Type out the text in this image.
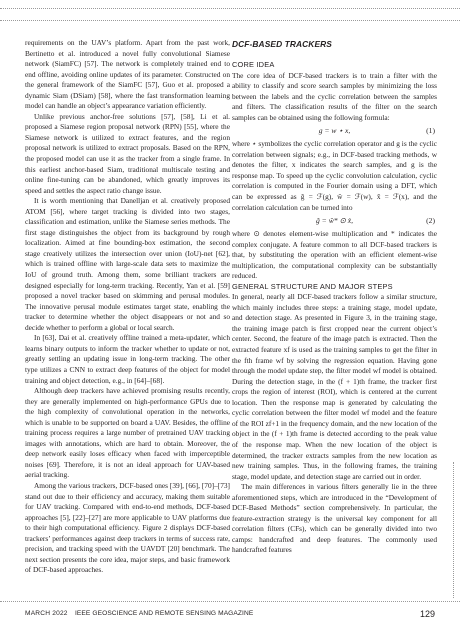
requirements on the UAV’s platform. Apart from the past work, Bertinetto et al. introduced a novel fully convolutional Siamese network (SiamFC) [57]. The network is completely trained end to end offline, avoiding online updates of its parameter. Constructed on the general framework of the SiamFC [57], Guo et al. proposed a dynamic Siam (DSiam) [58], where the fast transformation learning model can handle an object’s appearance variation efficiently.

Unlike previous anchor-free solutions [57], [58], Li et al. proposed a Siamese region proposal network (RPN) [55], where the Siamese network is utilized to extract features, and the region proposal network is utilized to extract proposals. Based on the RPN, the proposed model can use it as the tracker from a single frame. In this earliest anchor-based Siam, traditional multiscale testing and online fine-tuning can be abandoned, which greatly improves its speed and settles the aspect ratio change issue.

It is worth mentioning that Danelljan et al. creatively proposed ATOM [56], where target tracking is divided into two stages, classification and estimation, unlike the Siamese series methods. The first stage distinguishes the object from its background by rough localization. Aimed at fine bounding-box estimation, the second stage creatively utilizes the intersection over union (IoU)-net [62], which is trained offline with large-scale data sets to maximize the IoU of ground truth. Among them, some brilliant trackers are designed especially for long-term tracking. Recently, Yan et al. [59] proposed a novel tracker based on skimming and perusal modules. The innovative perusal module estimates target state, enabling the tracker to determine whether the object disappears or not and so decide whether to perform a global or local search.

In [63], Dai et al. creatively offline trained a meta-updater, which learns binary outputs to inform the tracker whether to update or not, greatly settling an updating issue in long-term tracking. The other type utilizes a CNN to extract deep features of the object for model training and object detection, e.g., in [64]–[68].

Although deep trackers have achieved promising results recently, they are generally implemented on high-performance GPUs due to the high complexity of convolutional operation in the networks, which is unable to be supported on board a UAV. Besides, the offline training process requires a large number of pretrained UAV tracking images with annotations, which are hard to obtain. Moreover, the deep network easily loses efficacy when faced with imperceptible noises [69]. Therefore, it is not an ideal approach for UAV-based aerial tracking.

Among the various trackers, DCF-based ones [39], [66], [70]–[73] stand out due to their efficiency and accuracy, making them suitable for UAV tracking. Compared with end-to-end methods, DCF-based approaches [5], [22]–[27] are more applicable to UAV platforms due to their high computational efficiency. Figure 2 displays DCF-based trackers’ performances against deep trackers in terms of success rate, precision, and tracking speed with the UAVDT [20] benchmark. The next section presents the core idea, major steps, and basic framework of DCF-based approaches.

DCF-BASED TRACKERS
CORE IDEA

The core idea of DCF-based trackers is to train a filter with the ability to classify and score search samples by minimizing the loss between the labels and the cyclic correlation between the samples and filters. The classification results of the filter on the search samples can be obtained using the following formula:

g = w ⋆ x,	(1)

where ⋆ symbolizes the cyclic correlation operator and g is the cyclic correlation between signals; e.g., in DCF-based tracking methods, w denotes the filter, x indicates the search samples, and g is the response map. To speed up the cyclic convolution calculation, cyclic correlation is computed in the Fourier domain using a DFT, which can be expressed as ĝ = ℱ(g), ŵ = ℱ(w), x̂ = ℱ(x), and the correlation calculation can be turned into

ĝ = ŵ* ⊙ x̂,	(2)

where ⊙ denotes element-wise multiplication and * indicates the complex conjugate. A feature common to all DCF-based trackers is that, by substituting the operation with an efficient element-wise multiplication, the computational complexity can be substantially reduced.

GENERAL STRUCTURE AND MAJOR STEPS

In general, nearly all DCF-based trackers follow a similar structure, which mainly includes three steps: a training stage, model update, and detection stage. As presented in Figure 3, in the training stage, the training image patch is first cropped near the current object’s center. Second, the feature of the image patch is extracted. Then the extracted feature xf is used as the training samples to get the filter in the fth frame wf by solving the regression equation. Having gone through the model update step, the filter model wf model is obtained. During the detection stage, in the (f + 1)th frame, the tracker first crops the region of interest (ROI), which is centered at the current location. Then the response map is generated by calculating the cyclic correlation between the filter model wf model and the feature of the ROI zf+1 in the frequency domain, and the new location of the object in the (f + 1)th frame is detected according to the peak value of the response map. When the new location of the object is determined, the tracker extracts samples from the new location as new training samples. Thus, in the following frames, the training stage, model update, and detection stage are carried out in order.

The main differences in various filters generally lie in the three aforementioned steps, which are introduced in the “Development of DCF-Based Methods” section comprehensively. In particular, the feature-extraction strategy is the universal key component for all correlation filters (CFs), which can be generally divided into two camps: handcrafted and deep features. The commonly used handcrafted features

MARCH 2022 IEEE GEOSCIENCE AND REMOTE SENSING MAGAZINE	129
